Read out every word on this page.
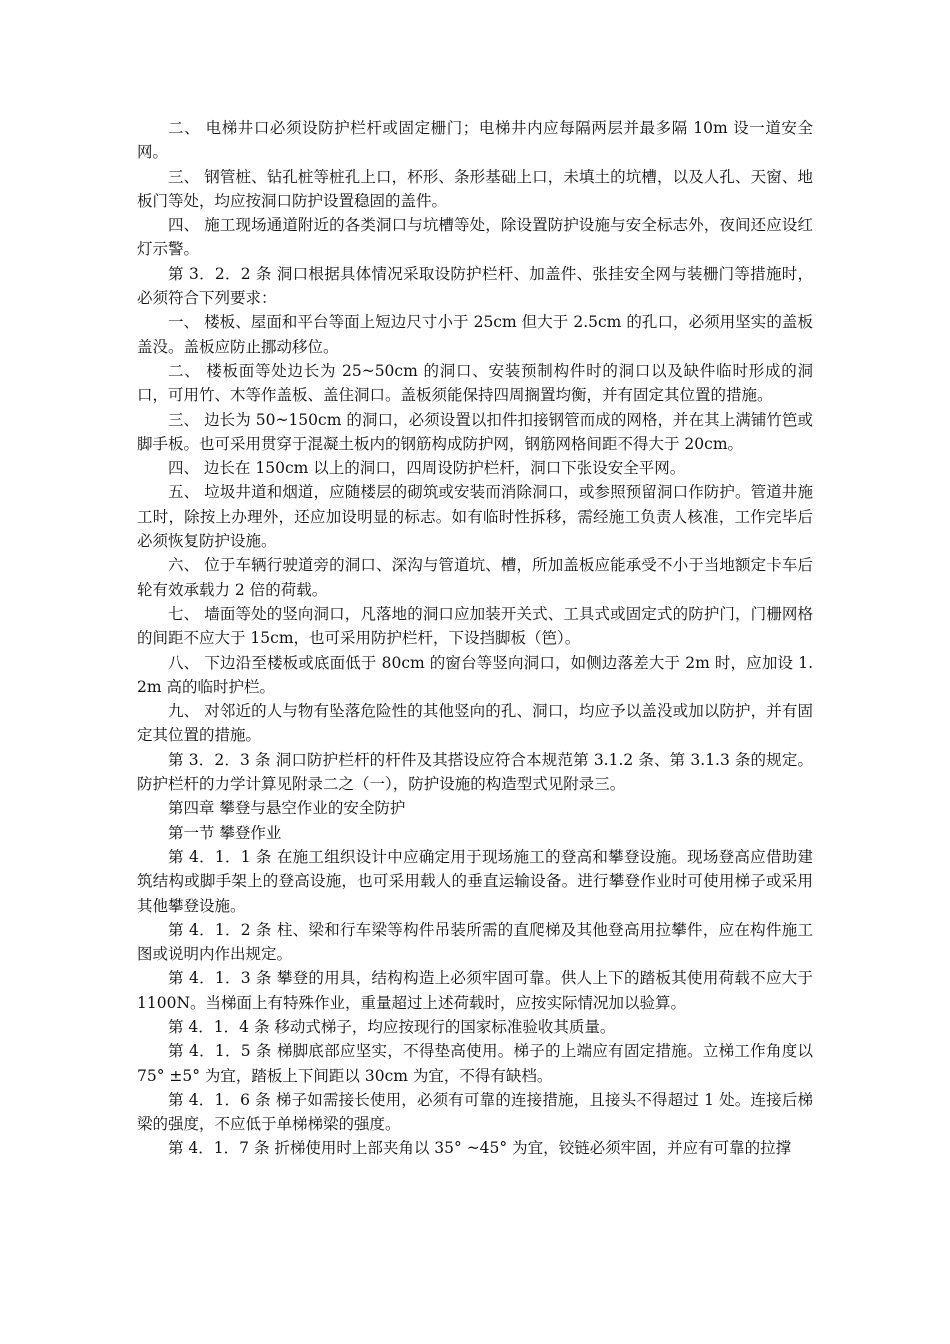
二、 电梯井口必须设防护栏杆或固定栅门；电梯井内应每隔两层并最多隔 10m 设一道安全网。

三、 钢管桩、钻孔桩等桩孔上口，杯形、条形基础上口，未填土的坑槽，以及人孔、天窗、地板门等处，均应按洞口防护设置稳固的盖件。

四、 施工现场通道附近的各类洞口与坑槽等处，除设置防护设施与安全标志外，夜间还应设红灯示警。

第 3．2．2 条 洞口根据具体情况采取设防护栏杆、加盖件、张挂安全网与装栅门等措施时，必须符合下列要求：

一、 楼板、屋面和平台等面上短边尺寸小于 25cm 但大于 2.5cm 的孔口，必须用坚实的盖板盖没。盖板应防止挪动移位。

二、 楼板面等处边长为 25~50cm 的洞口、安装预制构件时的洞口以及缺件临时形成的洞口，可用竹、木等作盖板、盖住洞口。盖板须能保持四周搁置均衡，并有固定其位置的措施。

三、 边长为 50~150cm 的洞口，必须设置以扣件扣接钢管而成的网格，并在其上满铺竹笆或脚手板。也可采用贯穿于混凝土板内的钢筋构成防护网，钢筋网格间距不得大于 20cm。

四、 边长在 150cm 以上的洞口，四周设防护栏杆，洞口下张设安全平网。

五、 垃圾井道和烟道，应随楼层的砌筑或安装而消除洞口，或参照预留洞口作防护。管道井施工时，除按上办理外，还应加设明显的标志。如有临时性拆移，需经施工负责人核准，工作完毕后必须恢复防护设施。

六、 位于车辆行驶道旁的洞口、深沟与管道坑、槽，所加盖板应能承受不小于当地额定卡车后轮有效承载力 2 倍的荷载。

七、 墙面等处的竖向洞口，凡落地的洞口应加装开关式、工具式或固定式的防护门，门栅网格的间距不应大于 15cm，也可采用防护栏杆，下设挡脚板（笆）。

八、 下边沿至楼板或底面低于 80cm 的窗台等竖向洞口，如侧边落差大于 2m 时，应加设 1.2m 高的临时护栏。

九、 对邻近的人与物有坠落危险性的其他竖向的孔、洞口，均应予以盖没或加以防护，并有固定其位置的措施。

第 3．2．3 条 洞口防护栏杆的杆件及其搭设应符合本规范第 3.1.2 条、第 3.1.3 条的规定。防护栏杆的力学计算见附录二之（一），防护设施的构造型式见附录三。

第四章 攀登与悬空作业的安全防护

第一节 攀登作业

第 4．1．1 条 在施工组织设计中应确定用于现场施工的登高和攀登设施。现场登高应借助建筑结构或脚手架上的登高设施，也可采用载人的垂直运输设备。进行攀登作业时可使用梯子或采用其他攀登设施。

第 4．1．2 条 柱、梁和行车梁等构件吊装所需的直爬梯及其他登高用拉攀件，应在构件施工图或说明内作出规定。

第 4．1．3 条 攀登的用具，结构构造上必须牢固可靠。供人上下的踏板其使用荷载不应大于 1100N。当梯面上有特殊作业，重量超过上述荷载时，应按实际情况加以验算。

第 4．1．4 条 移动式梯子，均应按现行的国家标准验收其质量。

第 4．1．5 条 梯脚底部应坚实，不得垫高使用。梯子的上端应有固定措施。立梯工作角度以 75° ±5° 为宜，踏板上下间距以 30cm 为宜，不得有缺档。

第 4．1．6 条 梯子如需接长使用，必须有可靠的连接措施，且接头不得超过 1 处。连接后梯梁的强度，不应低于单梯梯梁的强度。

第 4．1．7 条 折梯使用时上部夹角以 35° ~45° 为宜，铰链必须牢固，并应有可靠的拉撑
